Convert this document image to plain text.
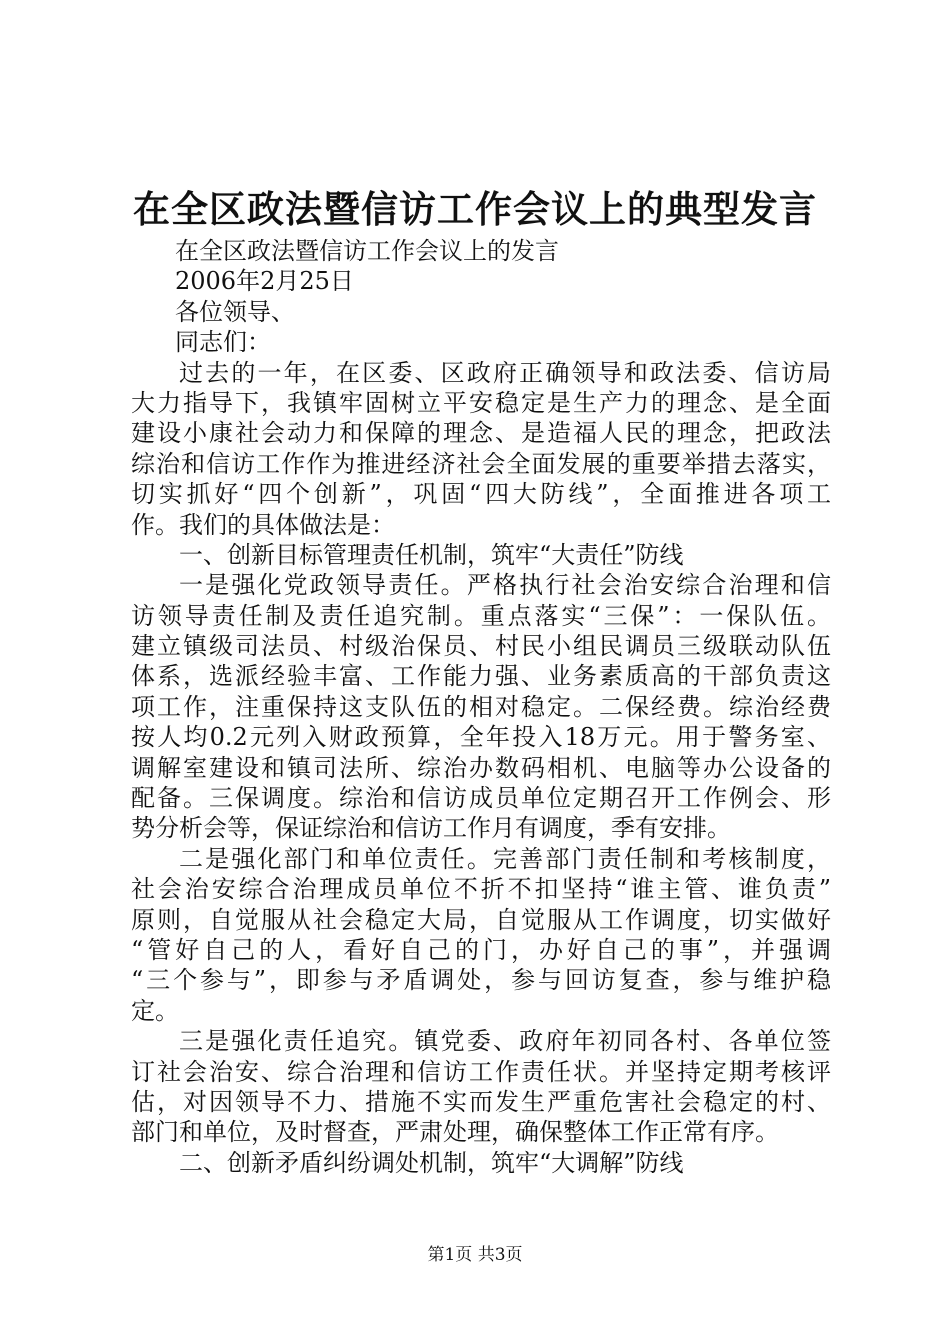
在全区政法暨信访工作会议上的典型发言
在全区政法暨信访工作会议上的发言
2006年2月25日
各位领导、
同志们：
过去的一年，在区委、区政府正确领导和政法委、信访局
大力指导下，我镇牢固树立平安稳定是生产力的理念、是全面
建设小康社会动力和保障的理念、是造福人民的理念，把政法
综治和信访工作作为推进经济社会全面发展的重要举措去落实，
切实抓好“四个创新”，巩固“四大防线”，全面推进各项工
作。我们的具体做法是：
一、创新目标管理责任机制，筑牢“大责任”防线
一是强化党政领导责任。严格执行社会治安综合治理和信
访领导责任制及责任追究制。重点落实“三保”：一保队伍。
建立镇级司法员、村级治保员、村民小组民调员三级联动队伍
体系，选派经验丰富、工作能力强、业务素质高的干部负责这
项工作，注重保持这支队伍的相对稳定。二保经费。综治经费
按人均0.2元列入财政预算，全年投入18万元。用于警务室、
调解室建设和镇司法所、综治办数码相机、电脑等办公设备的
配备。三保调度。综治和信访成员单位定期召开工作例会、形
势分析会等，保证综治和信访工作月有调度，季有安排。
二是强化部门和单位责任。完善部门责任制和考核制度，
社会治安综合治理成员单位不折不扣坚持“谁主管、谁负责”
原则，自觉服从社会稳定大局，自觉服从工作调度，切实做好
“管好自己的人，看好自己的门，办好自己的事”，并强调
“三个参与”，即参与矛盾调处，参与回访复查，参与维护稳
定。
三是强化责任追究。镇党委、政府年初同各村、各单位签
订社会治安、综合治理和信访工作责任状。并坚持定期考核评
估，对因领导不力、措施不实而发生严重危害社会稳定的村、
部门和单位，及时督查，严肃处理，确保整体工作正常有序。
二、创新矛盾纠纷调处机制，筑牢“大调解”防线
第1页 共3页
